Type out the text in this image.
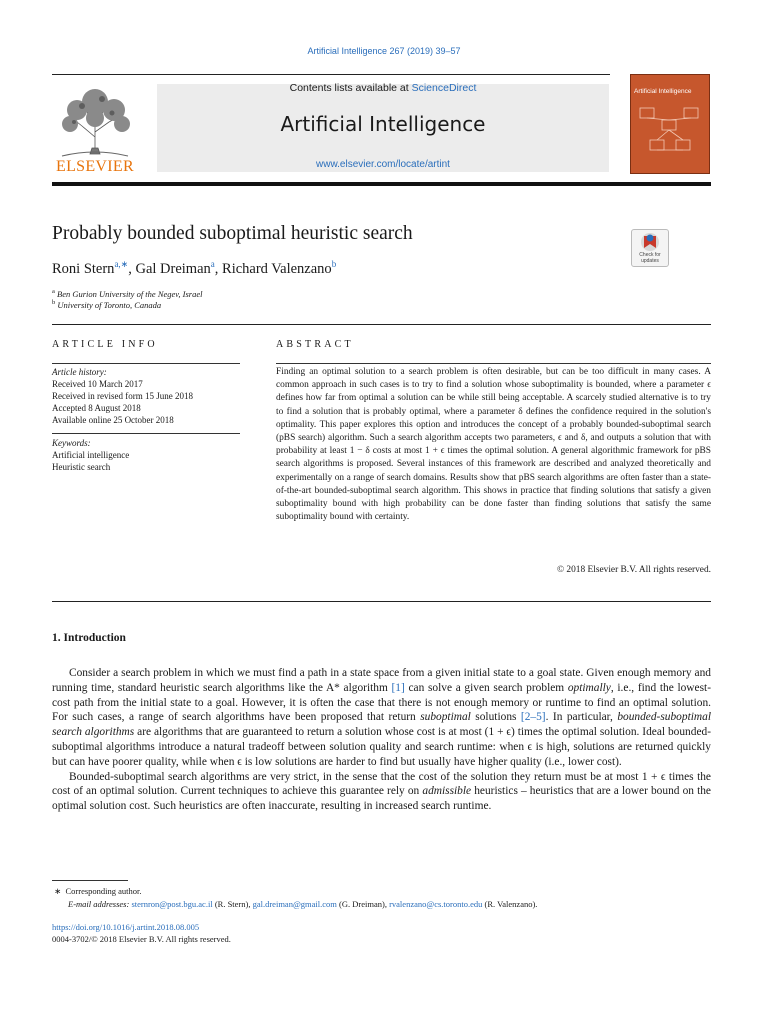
Artificial Intelligence 267 (2019) 39–57
Contents lists available at ScienceDirect
Artificial Intelligence
www.elsevier.com/locate/artint
ELSEVIER
Artificial Intelligence
Probably bounded suboptimal heuristic search
Check for updates
Roni Stern$^{a,∗}$, Gal Dreiman$^a$, Richard Valenzano$^b$
$^a$ Ben Gurion University of the Negev, Israel
$^b$ University of Toronto, Canada
ARTICLE INFO
Article history:
Received 10 March 2017
Received in revised form 15 June 2018
Accepted 8 August 2018
Available online 25 October 2018
Keywords:
Artificial intelligence
Heuristic search
ABSTRACT
Finding an optimal solution to a search problem is often desirable, but can be too difficult in many cases. A common approach in such cases is to try to find a solution whose suboptimality is bounded, where a parameter ϵ defines how far from optimal a solution can be while still being acceptable. A scarcely studied alternative is to try to find a solution that is probably optimal, where a parameter δ defines the confidence required in the solution's optimality. This paper explores this option and introduces the concept of a probably bounded-suboptimal search (pBS search) algorithm. Such a search algorithm accepts two parameters, ϵ and δ, and outputs a solution that with probability at least 1 − δ costs at most 1 + ϵ times the optimal solution. A general algorithmic framework for pBS search algorithms is proposed. Several instances of this framework are described and analyzed theoretically and experimentally on a range of search domains. Results show that pBS search algorithms are often faster than a state-of-the-art bounded-suboptimal search algorithm. This shows in practice that finding solutions that satisfy a given suboptimality bound with high probability can be done faster than finding solutions that satisfy the same suboptimality bound with certainty.
© 2018 Elsevier B.V. All rights reserved.
1. Introduction

Consider a search problem in which we must find a path in a state space from a given initial state to a goal state. Given enough memory and running time, standard heuristic search algorithms like the A* algorithm [1] can solve a given search problem optimally, i.e., find the lowest-cost path from the initial state to a goal. However, it is often the case that there is not enough memory or runtime to find an optimal solution. For such cases, a range of search algorithms have been proposed that return suboptimal solutions [2–5]. In particular, bounded-suboptimal search algorithms are algorithms that are guaranteed to return a solution whose cost is at most (1 + ϵ) times the optimal solution. Ideal bounded-suboptimal algorithms introduce a natural tradeoff between solution quality and search runtime: when ϵ is high, solutions are returned quickly but can have poorer quality, while when ϵ is low solutions are harder to find but usually have higher quality (i.e., lower cost).

Bounded-suboptimal search algorithms are very strict, in the sense that the cost of the solution they return must be at most 1 + ϵ times the cost of an optimal solution. Current techniques to achieve this guarantee rely on admissible heuristics – heuristics that are a lower bound on the optimal solution cost. Such heuristics are often inaccurate, resulting in increased search runtime.

∗ Corresponding author.
E-mail addresses: sternron@post.bgu.ac.il (R. Stern), gal.dreiman@gmail.com (G. Dreiman), rvalenzano@cs.toronto.edu (R. Valenzano).
https://doi.org/10.1016/j.artint.2018.08.005
0004-3702/© 2018 Elsevier B.V. All rights reserved.
